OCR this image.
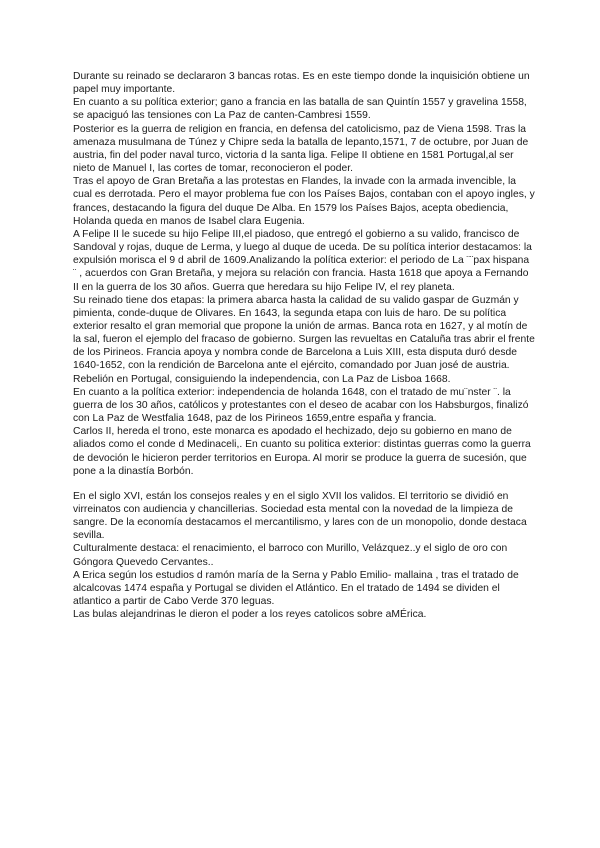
Durante su reinado se declararon 3 bancas rotas. Es en este tiempo donde la inquisición obtiene un papel muy importante.

En cuanto a su política exterior; gano a francia en las batalla de san Quintín 1557 y gravelina 1558, se apaciguó las tensiones con La Paz de canten-Cambresi 1559.

Posterior es la guerra de religion en francia, en defensa del catolicismo, paz de Viena 1598. Tras la amenaza musulmana de Túnez y Chipre seda la batalla de lepanto,1571, 7 de octubre, por Juan de austria, fin del poder naval turco, victoria d la santa liga. Felipe II obtiene en 1581 Portugal,al ser nieto de Manuel I, las cortes de tomar, reconocieron el poder.

Tras el apoyo de Gran Bretaña a las protestas en Flandes, la invade con la armada invencible, la cual es derrotada. Pero el mayor problema fue con los Países Bajos, contaban con el apoyo ingles, y frances, destacando la figura del duque De Alba. En 1579 los Países Bajos, acepta obediencia, Holanda queda en manos de Isabel clara Eugenia.

A Felipe II le sucede su hijo Felipe III,el piadoso, que entregó el gobierno a su valido, francisco de Sandoval y rojas, duque de Lerma, y luego al duque de uceda. De su política interior destacamos: la expulsión morisca el 9 d abril de 1609.Analizando la política exterior: el periodo de La ¨¨pax hispana ¨ , acuerdos con Gran Bretaña, y mejora su relación con francia. Hasta 1618 que apoya a Fernando II en la guerra de los 30 años. Guerra que heredara su hijo Felipe IV, el rey planeta.

Su reinado tiene dos etapas: la primera abarca hasta la calidad de su valido gaspar de Guzmán y pimienta, conde-duque de Olivares. En 1643, la segunda etapa con luis de haro. De su política exterior resalto el gran memorial que propone la unión de armas. Banca rota en 1627, y al motín de la sal, fueron el ejemplo del fracaso de gobierno. Surgen las revueltas en Cataluña tras abrir el frente de los Pirineos. Francia apoya y nombra conde de Barcelona a Luis XIII, esta disputa duró desde 1640-1652, con la rendición de Barcelona ante el ejército, comandado por Juan josé de austria.

Rebelión en Portugal, consiguiendo la independencia, con La Paz de Lisboa 1668.

En cuanto a la política exterior: independencia de holanda 1648, con el tratado de mu¨nster ¨. la guerra de los 30 años, católicos y protestantes con el deseo de acabar con los Habsburgos, finalizó con La Paz de Westfalia 1648, paz de los Pirineos 1659,entre españa y francia.

Carlos II, hereda el trono, este monarca es apodado el hechizado, dejo su gobierno en mano de aliados como el conde d Medinaceli,. En cuanto su politica exterior: distintas guerras como la guerra de devoción le hicieron perder territorios en Europa. Al morir se produce la guerra de sucesión, que pone a la dinastía Borbón.

En el siglo XVI, están los consejos reales y en el siglo XVII los validos. El territorio se dividió en virreinatos con audiencia y chancillerias. Sociedad esta mental con la novedad de la limpieza de sangre. De la economía destacamos el mercantilismo, y lares con de un monopolio, donde destaca sevilla.

Culturalmente destaca: el renacimiento, el barroco con Murillo, Velázquez..y el siglo de oro con Góngora Quevedo Cervantes..

A Erica según los estudios d ramón maría de la Serna y Pablo Emilio- mallaina , tras el tratado de alcalcovas 1474 españa y Portugal se dividen el Atlántico. En el tratado de 1494 se dividen el atlantico a partir de Cabo Verde 370 leguas.

Las bulas alejandrinas le dieron el poder a los reyes catolicos sobre aMÉrica.
